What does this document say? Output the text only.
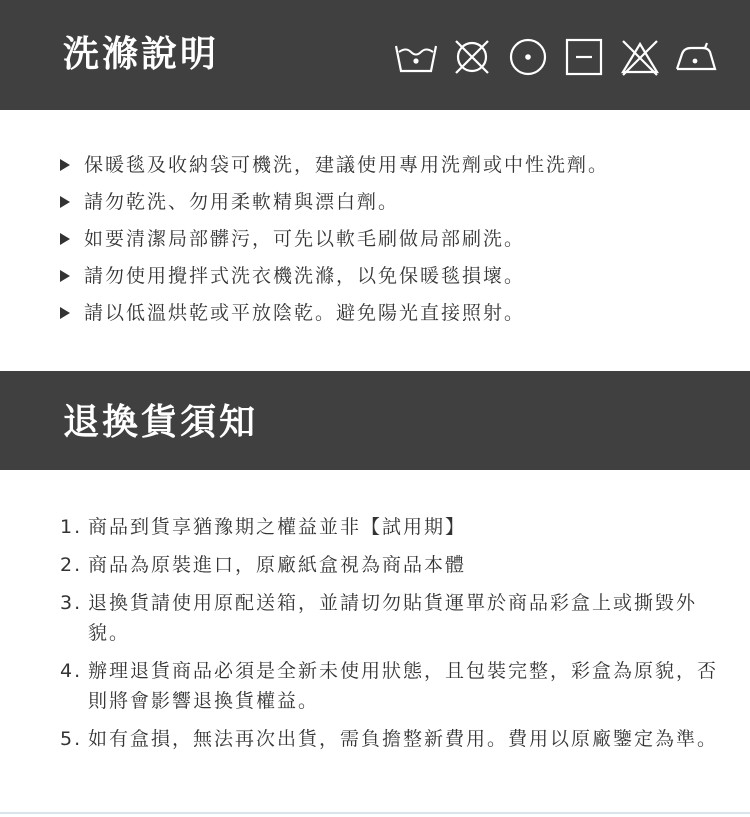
洗滌說明
保暖毯及收納袋可機洗，建議使用專用洗劑或中性洗劑。
請勿乾洗、勿用柔軟精與漂白劑。
如要清潔局部髒污，可先以軟毛刷做局部刷洗。
請勿使用攪拌式洗衣機洗滌，以免保暖毯損壞。
請以低溫烘乾或平放陰乾。避免陽光直接照射。
退換貨須知
1. 商品到貨享猶豫期之權益並非【試用期】
2. 商品為原裝進口，原廠紙盒視為商品本體
3. 退換貨請使用原配送箱，並請切勿貼貨運單於商品彩盒上或撕毀外貌。
4. 辦理退貨商品必須是全新未使用狀態，且包裝完整，彩盒為原貌，否則將會影響退換貨權益。
5. 如有盒損，無法再次出貨，需負擔整新費用。費用以原廠鑒定為準。
